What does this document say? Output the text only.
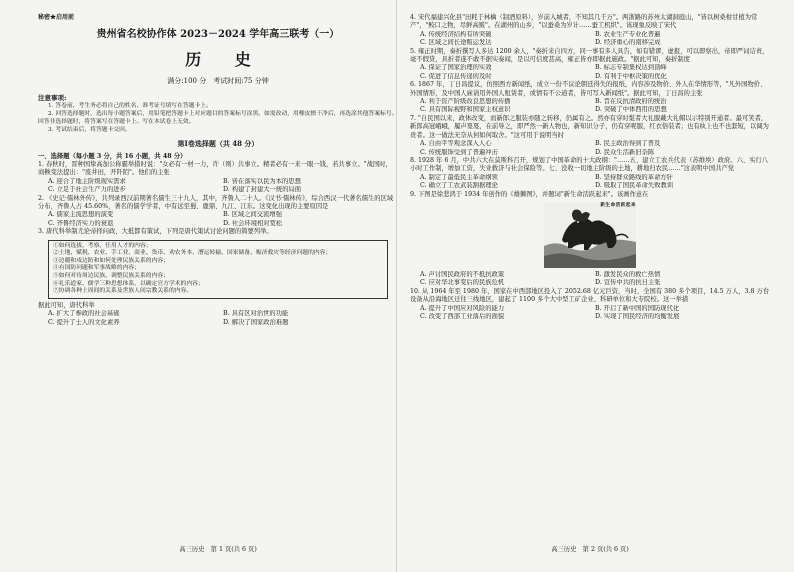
秘密★启用前
贵州省名校协作体 2023－2024 学年高三联考（一）
历 史
满分:100 分　考试时间:75 分钟
注意事项:

1. 答卷前，考生务必将自己的姓名、准考证号填写在答题卡上。

2. 回答选择题时，选出每小题答案后，用铅笔把答题卡上对应题目的答案标号涂黑。如需改动，用橡皮擦干净后，再选涂其他答案标号。回答非选择题时，将答案写在答题卡上。写在本试卷上无效。

3. 考试结束后，将答题卡交回。

第Ⅰ卷选择题（共 48 分）
一、选择题（每小题 3 分，共 16 小题，共 48 分）

1. 春秋时，晋种国挚高加公称霸举措时说："女必有一材一力，许（则）共事立。精者必有一来一眼一钱，若共事立。"战国时，商鞅变法提出："废井田，开阡陌"。他们的主张

A. 迎合了地主阶级现实需求	B. 皆在落实以民为本的思想
C. 立足于社会生产力的进步	D. 构建了封建大一统的局面

2. 《史记·儒林外传》，共列录西汉前期著名儒生三十九人，其中，齐鲁人二十人。《汉书·儒林传》，综合西汉一代著名儒生的区域分布，齐鲁人占 45.60%，著名的儒学学者，中有远至蜀、鹿鼎、九江、江东。这变化出现的主要原因是

A. 儒家主流思想的演变	B. 区域之间交流增强
C. 齐鲁经济实力的衰退	D. 社会环境相对宽松

3. 唐代科举制尤论帝择问政，大抵都有策试，下列是唐代策试讨论问题的简要列举。

①如何选拔、考察、任用人才的内容；

②土地、赋税、农业、手工业、商业、货币、劝农务本、漕运转输、国家储备、赈济救灾等经济问题的内容；

③边疆和戍边防和如何处理民族关系的内容；

④有国防问题和军事战略的内容；

⑤如何对待周边民族、调整民族关系的内容；

⑥礼乐道家、儒学三种思想体系，以确定官方学术的内容；

⑦协调各种土周间的关系及世族人间宗教关系的内容。

据此可知，唐代科举

A. 扩大了参政的社会基础	B. 具有区对治世的功能
C. 提升了士人的文化素养	D. 解决了国家政治难题
高三历史　第 1 页(共 6 页)

4. 宋代福建兴化县"田耗于林檎（制酒原料），岁前入城者，不知其几千万"。两浙路的苏州太湖洞庭山，"皆以树桑柑甘植为常产"，"鲛口之物，尽鲜高贩"。在湖州的山乡，"以蚕桑为岁计……蚕工机织"。该现象反映了宋代

A. 传统经济结构有所突破	B. 农业生产专业化普遍
C. 区域之间长途贩运发达	D. 经济重心的南移完成

5. 雍正时期，奏折撰写人多达 1200 余人，"奏折来自四方，同一事有多人具告，如有错谬、虚报，可以即察出，帝即严词诘责，毫不假贷，具折者遂不敢不据实奏闻，是以可信度甚高，雍正皆亦即据此施政。"据此可知，奏折制度

A. 保证了国家治理的实效	B. 标志专制集权达到顶峰
C. 促进了信息传递的及时	D. 有利于中枢决策的优化

6. 1867 年，丁日昌提议，仿照西方新闻纸，成立一份不议论朝廷得失的报纸，内容涉及物价、外人在华情形等，"凡外国物价、外国情形，及中国人雇请用外国人租赁者，或情有不公道者，皆可写入新闻纸"。据此可知，丁日昌的主张

A. 利于资产阶级改良思想的传播	B. 旨在反抗清政府的统治
C. 具有国际视野和国家主权意识	D. 突破了中体西用的思想

7. "自民国以来，政体改变，而新郎之服装亦随之转移，仍属有之。然亦有穿时髦者大礼服戴大礼帽以示特别开通者。最可笑者，新郎高冠峨峨，履声戛戛，在前导之，即严然一新人物也，新知识分子，仍有穿呢服，红衣俗装者；也有纨上也不也套短，以阔为贵者。这一做法无奈从何如何取舍。"这可用于说明当时

A. 自由平等观念深入人心	B. 民主政治得到了普及
C. 传统服饰受到了普遍冲击	D. 民众生活新旧杂陈

8. 1928 年 6 月，中共六大在莫斯科召开，规划了中国革命的十大政纲："……五、建立工农兵代表（苏维埃）政府。六、实行八小时工作制，增加工资，失业救济与社会保险等。七、没收一切地主阶级的土地，耕地归农民……"这表明中国共产党

A. 制定了最低民主革命纲领	B. 坚持群众路线的革命方针
C. 确立了工农武装割据理论	D. 吸取了国民革命失败教训

9. 下图是徐悲鸿于 1934 年创作的《雄狮图》，并题词"新生命活跃起来"。该画作意在

新生命活跃起来
A. 声讨国民政府的不抵抗政策	B. 激发民众的救亡热情
C. 应对华北事变后的民族危机	D. 宣传中共的抗日主张

10. 从 1964 年至 1980 年，国家在中西部地区投入了 2052.68 亿元巨资，当时，全国有 380 多个项目，14.5 万人，3.8 万台设备从沿海地区迁往三线地区，建起了 1100 多个大中型工矿企业、科研单位和大专院校。这一举措

A. 提升了中国应对风险的能力	B. 开启了新中国的国防现代化
C. 改变了西部工业落后的面貌	D. 实现了国民经济的均衡发展
高三历史　第 2 页(共 6 页)
